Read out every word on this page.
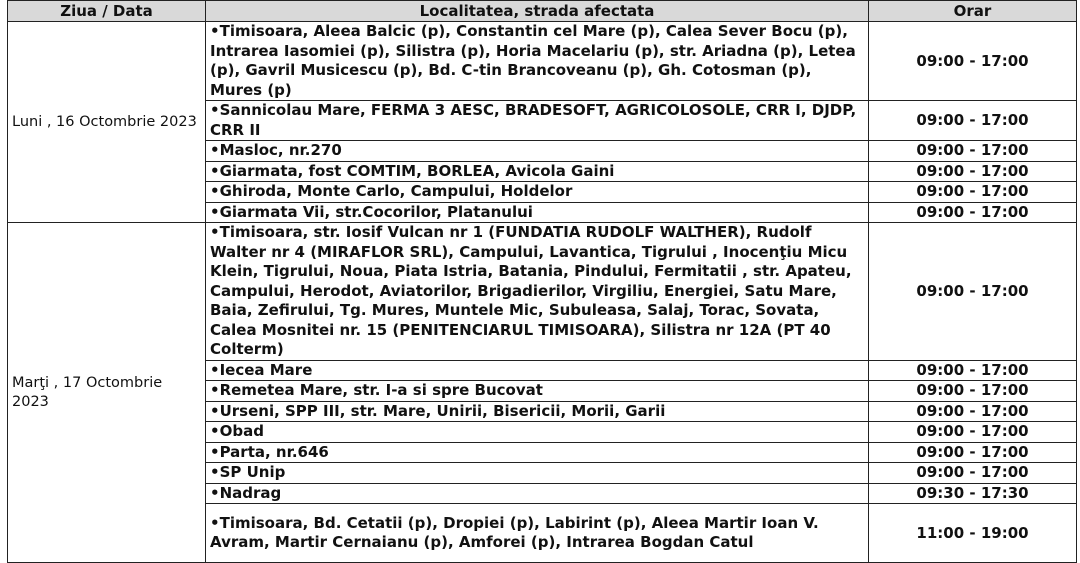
Ziua / Data	Localitatea, strada afectata	Orar
Luni , 16 Octombrie 2023	•Timisoara, Aleea Balcic (p), Constantin cel Mare (p), Calea Sever Bocu (p), Intrarea Iasomiei (p), Silistra (p), Horia Macelariu (p), str. Ariadna (p), Letea (p), Gavril Musicescu (p), Bd. C-tin Brancoveanu (p), Gh. Cotosman (p), Mures (p)	09:00 - 17:00
	•Sannicolau Mare, FERMA 3 AESC, BRADESOFT, AGRICOLOSOLE, CRR I, DJDP, CRR II	09:00 - 17:00
	•Masloc, nr.270	09:00 - 17:00
	•Giarmata, fost COMTIM, BORLEA, Avicola Gaini	09:00 - 17:00
	•Ghiroda, Monte Carlo, Campului, Holdelor	09:00 - 17:00
	•Giarmata Vii, str.Cocorilor, Platanului	09:00 - 17:00
Marţi , 17 Octombrie 2023	•Timisoara, str. Iosif Vulcan nr 1 (FUNDATIA RUDOLF WALTHER), Rudolf Walter nr 4 (MIRAFLOR SRL), Campului, Lavantica, Tigrului , Inocenţiu Micu Klein, Tigrului, Noua, Piata Istria, Batania, Pindului, Fermitatii , str. Apateu, Campului, Herodot, Aviatorilor, Brigadierilor, Virgiliu, Energiei, Satu Mare, Baia, Zefirului, Tg. Mures, Muntele Mic, Subuleasa, Salaj, Torac, Sovata, Calea Mosnitei nr. 15 (PENITENCIARUL TIMISOARA), Silistra nr 12A (PT 40 Colterm)	09:00 - 17:00
	•Iecea Mare	09:00 - 17:00
	•Remetea Mare, str. I-a si spre Bucovat	09:00 - 17:00
	•Urseni, SPP III, str. Mare, Unirii, Bisericii, Morii, Garii	09:00 - 17:00
	•Obad	09:00 - 17:00
	•Parta, nr.646	09:00 - 17:00
	•SP Unip	09:00 - 17:00
	•Nadrag	09:30 - 17:30
	•Timisoara, Bd. Cetatii (p), Dropiei (p), Labirint (p), Aleea Martir Ioan V. Avram, Martir Cernaianu (p), Amforei (p), Intrarea Bogdan Catul	11:00 - 19:00
